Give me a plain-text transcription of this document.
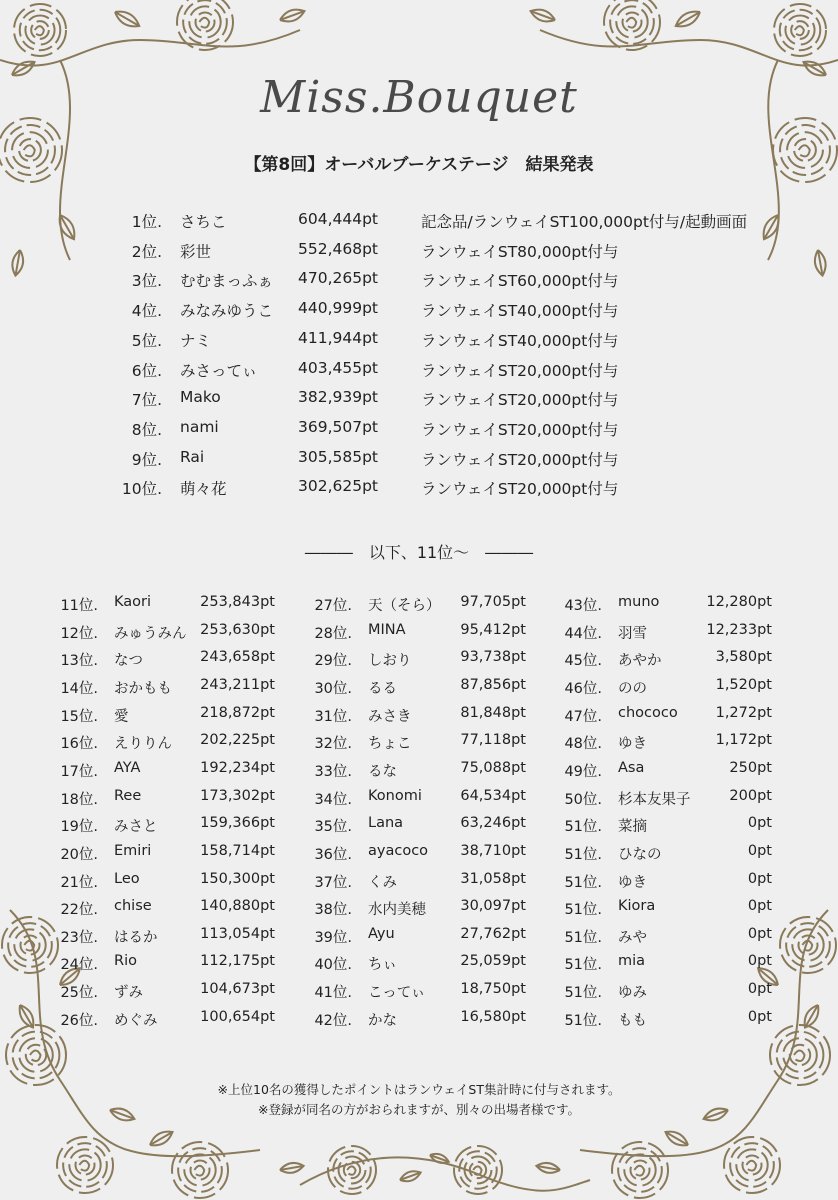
Miss.Bouquet
【第8回】オーバルブーケステージ　結果発表
1位. さちこ	604,444pt	記念品/ランウェイST100,000pt付与/起動画面
2位. 彩世	552,468pt	ランウェイST80,000pt付与
3位. むむまっふぁ 470,265pt	ランウェイST60,000pt付与
4位. みなみゆうこ 440,999pt	ランウェイST40,000pt付与
5位. ナミ	411,944pt	ランウェイST40,000pt付与
6位. みさってぃ	403,455pt	ランウェイST20,000pt付与
7位. Mako	382,939pt	ランウェイST20,000pt付与
8位. nami	369,507pt	ランウェイST20,000pt付与
9位. Rai	305,585pt	ランウェイST20,000pt付与
10位. 萌々花	302,625pt	ランウェイST20,000pt付与
―――　以下、11位～　―――
11位. Kaori	253,843pt
12位. みゅうみん 253,630pt
13位. なつ	243,658pt
14位. おかもも 243,211pt
15位. 愛	218,872pt
16位. えりりん 202,225pt
17位. AYA	192,234pt
18位. Ree	173,302pt
19位. みさと	159,366pt
20位. Emiri	158,714pt
21位. Leo	150,300pt
22位. chise	140,880pt
23位. はるか	113,054pt
24位. Rio	112,175pt
25位. ずみ	104,673pt
26位. めぐみ	100,654pt
27位. 天（そら） 97,705pt
28位. MINA	95,412pt
29位. しおり	93,738pt
30位. るる	87,856pt
31位. みさき	81,848pt
32位. ちょこ	77,118pt
33位. るな	75,088pt
34位. Konomi	64,534pt
35位. Lana	63,246pt
36位. ayacoco 38,710pt
37位. くみ	31,058pt
38位. 水内美穂 30,097pt
39位. Ayu	27,762pt
40位. ちぃ	25,059pt
41位. こってぃ 18,750pt
42位. かな	16,580pt
43位. muno	12,280pt
44位. 羽雪	12,233pt
45位. あやか	3,580pt
46位. のの	1,520pt
47位. chococo	1,272pt
48位. ゆき	1,172pt
49位. Asa	250pt
50位. 杉本友果子	200pt
51位. 菜摘	0pt
51位. ひなの	0pt
51位. ゆき	0pt
51位. Kiora	0pt
51位. みや	0pt
51位. mia	0pt
51位. ゆみ	0pt
51位. もも	0pt
※上位10名の獲得したポイントはランウェイST集計時に付与されます。
※登録が同名の方がおられますが、別々の出場者様です。
